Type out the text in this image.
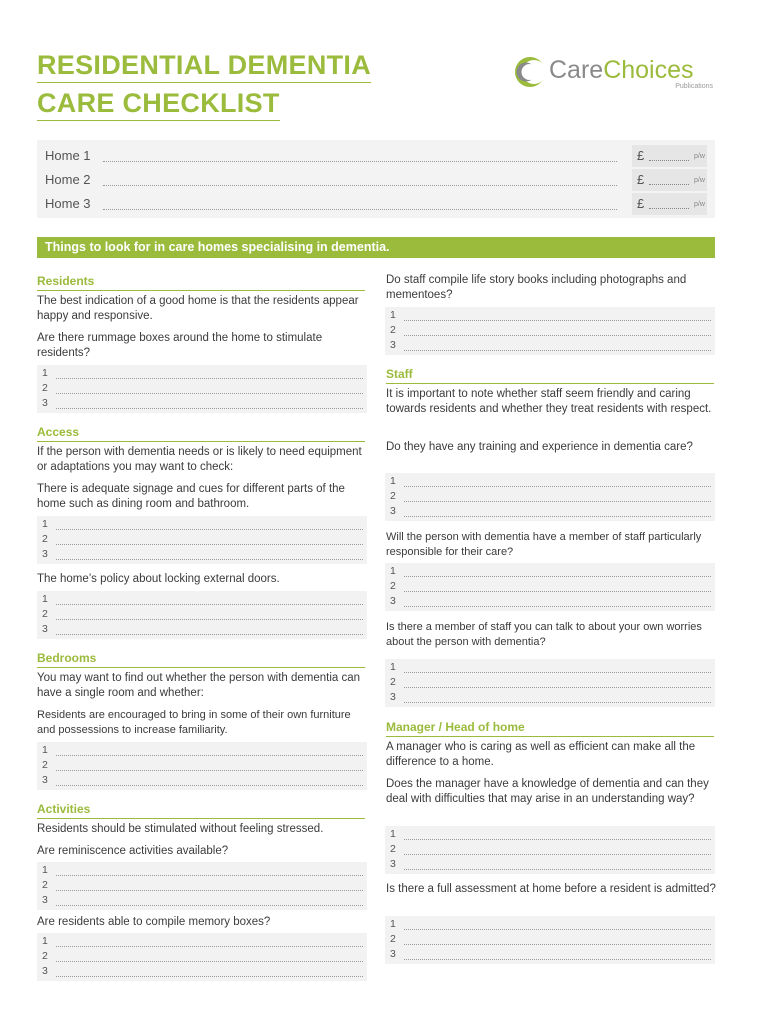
RESIDENTIAL DEMENTIA
CARE CHECKLIST
CareChoices
Publications
Home 1	£	p/w
Home 2	£	p/w
Home 3	£	p/w
Things to look for in care homes specialising in dementia.
Residents
The best indication of a good home is that the residents appear happy and responsive.
Are there rummage boxes around the home to stimulate residents?
1
2
3
Access
If the person with dementia needs or is likely to need equipment or adaptations you may want to check:
There is adequate signage and cues for different parts of the home such as dining room and bathroom.
1
2
3
The home’s policy about locking external doors.
1
2
3
Bedrooms
You may want to find out whether the person with dementia can have a single room and whether:
Residents are encouraged to bring in some of their own furniture and possessions to increase familiarity.
1
2
3
Activities
Residents should be stimulated without feeling stressed.
Are reminiscence activities available?
1
2
3
Are residents able to compile memory boxes?
1
2
3
Do staff compile life story books including photographs and mementoes?
1
2
3
Staff
It is important to note whether staff seem friendly and caring towards residents and whether they treat residents with respect.
Do they have any training and experience in dementia care?
1
2
3
Will the person with dementia have a member of staff particularly responsible for their care?
1
2
3
Is there a member of staff you can talk to about your own worries about the person with dementia?
1
2
3
Manager / Head of home
A manager who is caring as well as efficient can make all the difference to a home.
Does the manager have a knowledge of dementia and can they deal with difficulties that may arise in an understanding way?
1
2
3
Is there a full assessment at home before a resident is admitted?
1
2
3
